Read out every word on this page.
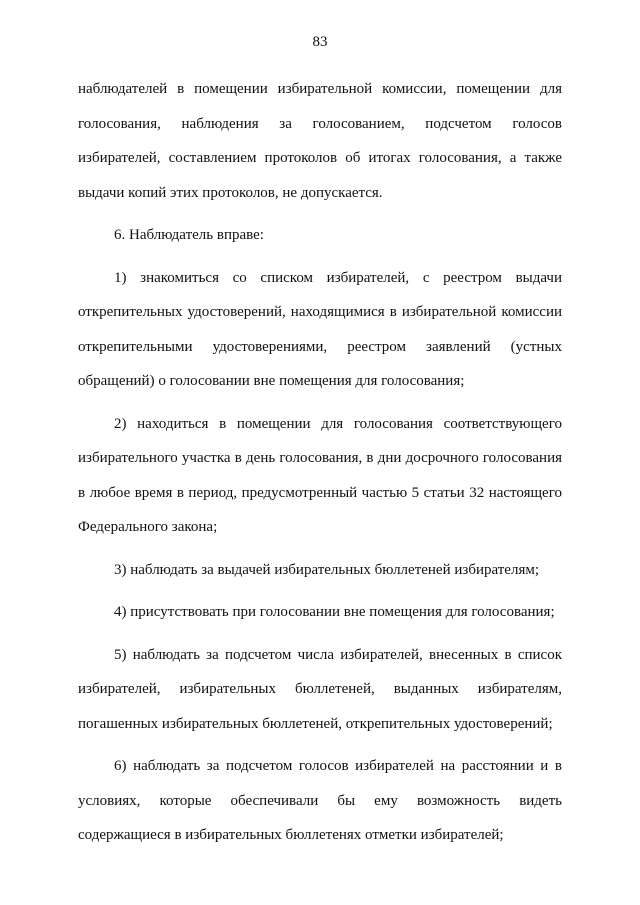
83
наблюдателей в помещении избирательной комиссии, помещении для
голосования, наблюдения за голосованием, подсчетом голосов
избирателей, составлением протоколов об итогах голосования, а также
выдачи копий этих протоколов, не допускается.
6. Наблюдатель вправе:
1) знакомиться со списком избирателей, с реестром выдачи
открепительных удостоверений, находящимися в избирательной комиссии
открепительными удостоверениями, реестром заявлений (устных
обращений) о голосовании вне помещения для голосования;
2) находиться в помещении для голосования соответствующего
избирательного участка в день голосования, в дни досрочного голосования
в любое время в период, предусмотренный частью 5 статьи 32 настоящего
Федерального закона;
3) наблюдать за выдачей избирательных бюллетеней избирателям;
4) присутствовать при голосовании вне помещения для голосования;
5) наблюдать за подсчетом числа избирателей, внесенных в список
избирателей, избирательных бюллетеней, выданных избирателям,
погашенных избирательных бюллетеней, открепительных удостоверений;
6) наблюдать за подсчетом голосов избирателей на расстоянии и в
условиях, которые обеспечивали бы ему возможность видеть
содержащиеся в избирательных бюллетенях отметки избирателей;
